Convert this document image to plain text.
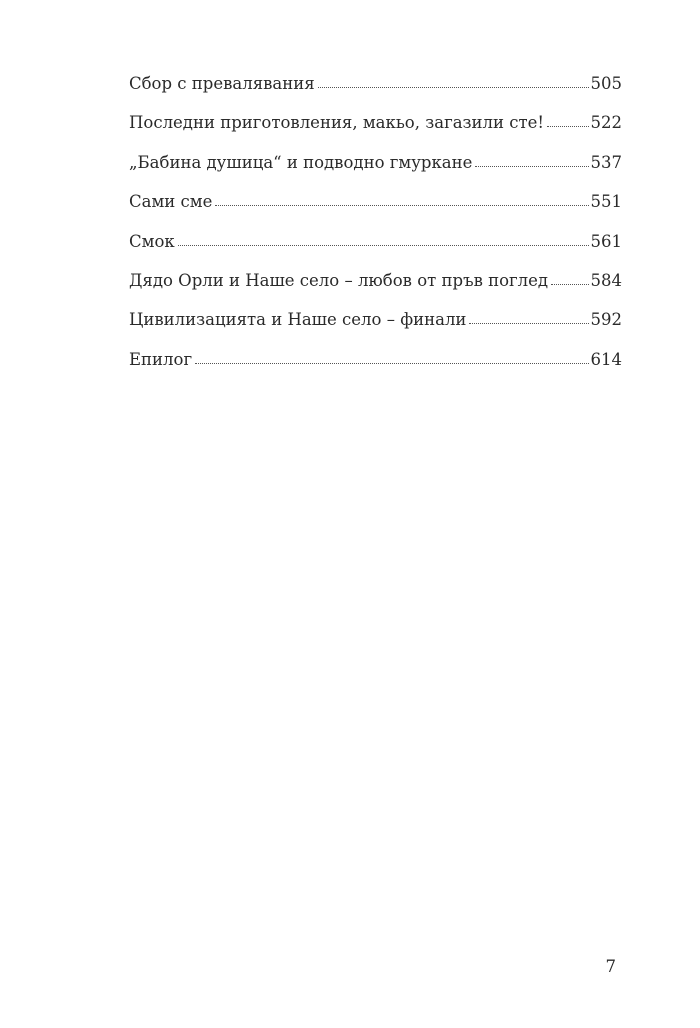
Сбор с превалявания	505
Последни приготовления, макьо, загазили сте!	522
„Бабина душица“ и подводно гмуркане	537
Сами сме	551
Смок	561
Дядо Орли и Наше село – любов от пръв поглед	584
Цивилизацията и Наше село – финали	592
Епилог	614
7
